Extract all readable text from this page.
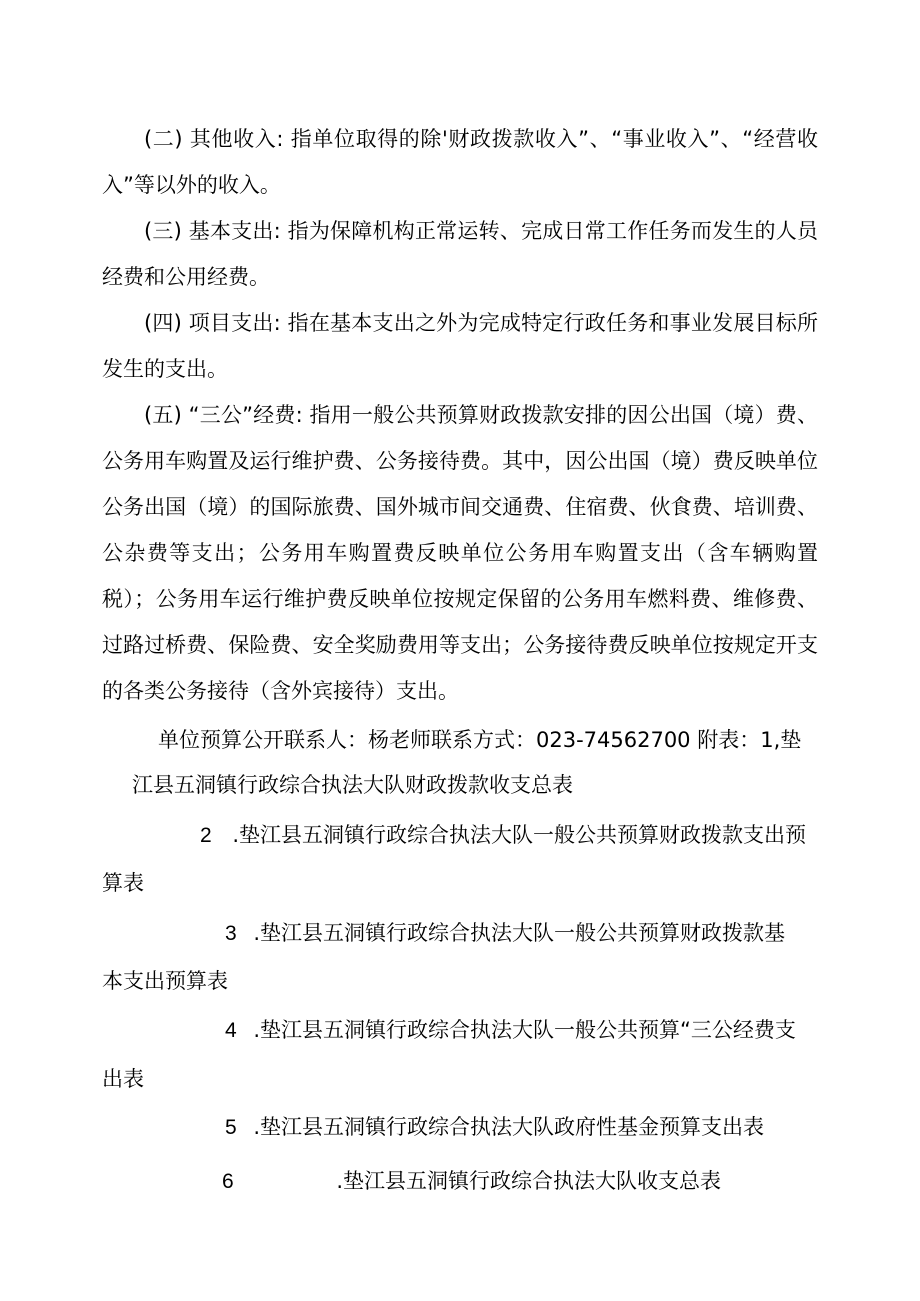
(二) 其他收入: 指单位取得的除'财政拨款收入”、“事业收入”、“经营收入”等以外的收入。

(三) 基本支出: 指为保障机构正常运转、完成日常工作任务而发生的人员经费和公用经费。

(四) 项目支出: 指在基本支出之外为完成特定行政任务和事业发展目标所发生的支出。

(五) “三公”经费: 指用一般公共预算财政拨款安排的因公出国（境）费、公务用车购置及运行维护费、公务接待费。其中，因公出国（境）费反映单位公务出国（境）的国际旅费、国外城市间交通费、住宿费、伙食费、培训费、公杂费等支出；公务用车购置费反映单位公务用车购置支出（含车辆购置税）；公务用车运行维护费反映单位按规定保留的公务用车燃料费、维修费、过路过桥费、保险费、安全奖励费用等支出；公务接待费反映单位按规定开支的各类公务接待（含外宾接待）支出。

单位预算公开联系人：杨老师联系方式：023-74562700 附表：1,垫

江县五洞镇行政综合执法大队财政拨款收支总表

2 .垫江县五洞镇行政综合执法大队一般公共预算财政拨款支出预

算表

3 .垫江县五洞镇行政综合执法大队一般公共预算财政拨款基

本支出预算表

4 .垫江县五洞镇行政综合执法大队一般公共预算“三公经费支

出表

5 .垫江县五洞镇行政综合执法大队政府性基金预算支出表

6	.垫江县五洞镇行政综合执法大队收支总表
